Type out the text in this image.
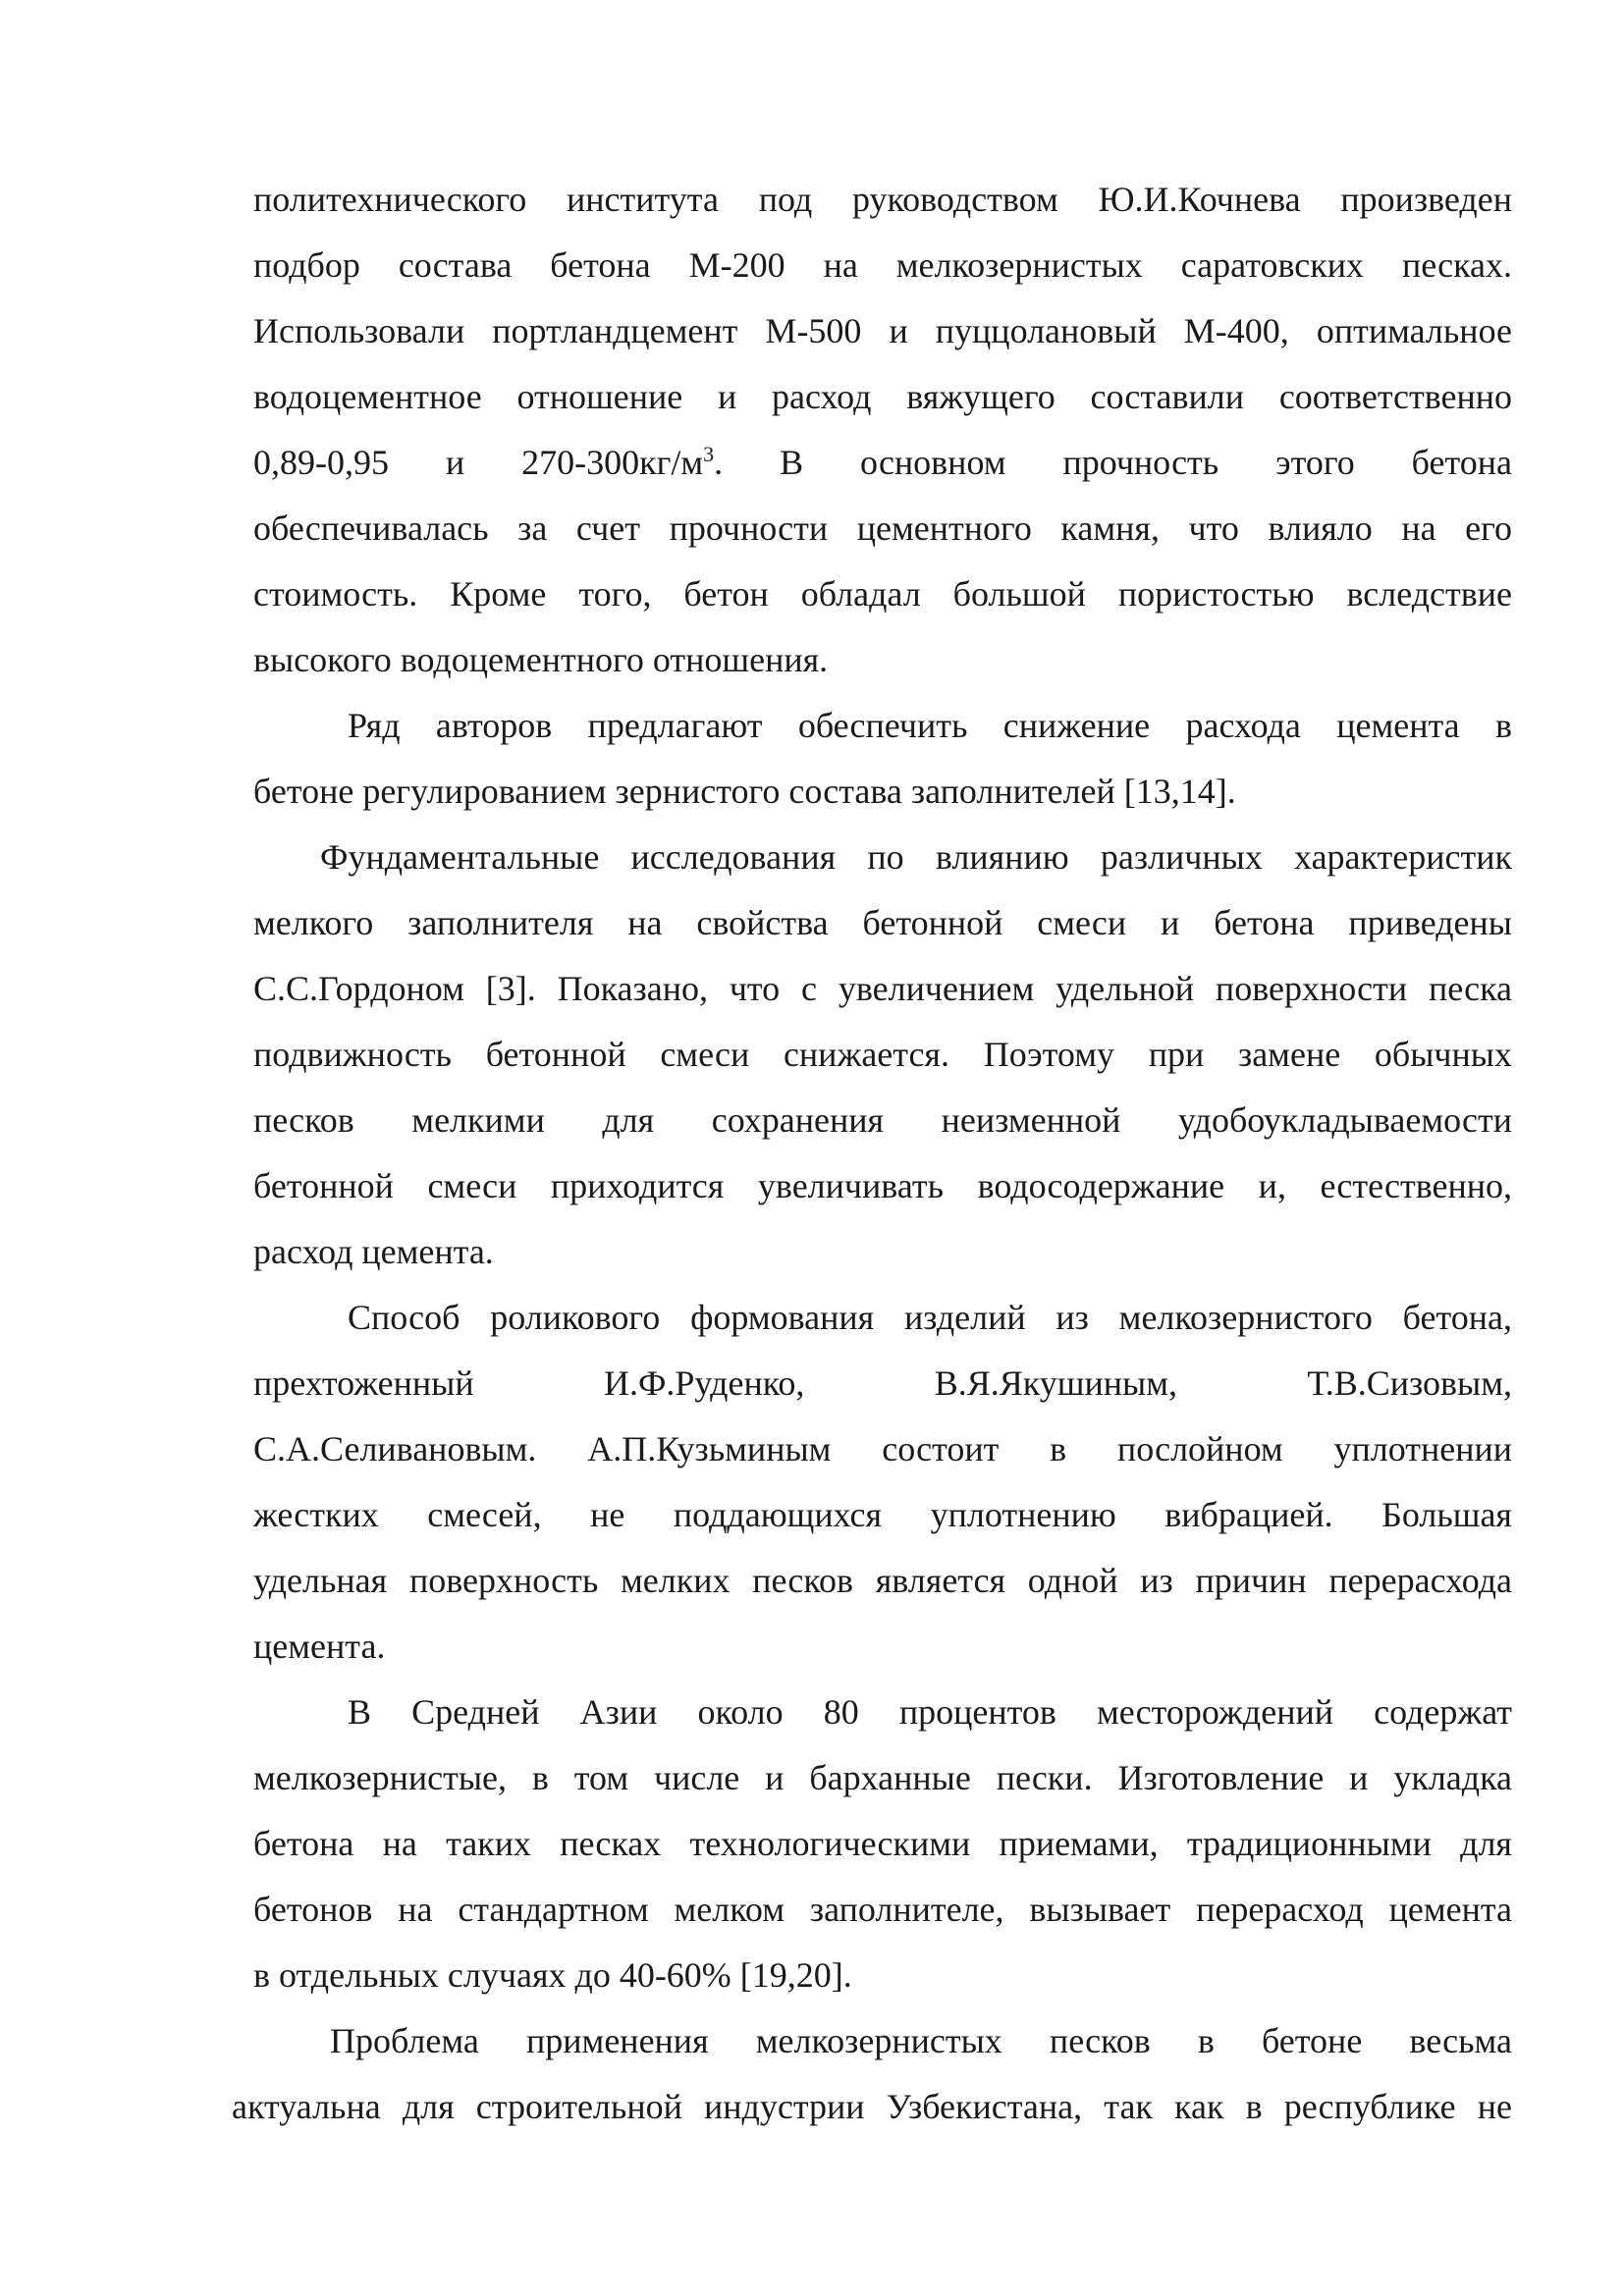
политехнического института под руководством Ю.И.Кочнева произведен
подбор состава бетона М-200 на мелкозернистых саратовских песках.
Использовали портландцемент М-500 и пуццолановый М-400, оптимальное
водоцементное отношение и расход вяжущего составили соответственно
0,89-0,95 и $270-300кг/м^3$. В основном прочность этого бетона
обеспечивалась за счет прочности цементного камня, что влияло на его
стоимость. Кроме того, бетон обладал большой пористостью вследствие
высокого водоцементного отношения.
Ряд авторов предлагают обеспечить снижение расхода цемента в
бетоне регулированием зернистого состава заполнителей [13,14].
Фундаментальные исследования по влиянию различных характеристик
мелкого заполнителя на свойства бетонной смеси и бетона приведены
С.С.Гордоном [3]. Показано, что с увеличением удельной поверхности песка
подвижность бетонной смеси снижается. Поэтому при замене обычных
песков мелкими для сохранения неизменной удобоукладываемости
бетонной смеси приходится увеличивать водосодержание и, естественно,
расход цемента.
Способ роликового формования изделий из мелкозернистого бетона,
прехтоженный И.Ф.Руденко, В.Я.Якушиным, Т.В.Сизовым,
С.А.Селивановым. А.П.Кузьминым состоит в послойном уплотнении
жестких смесей, не поддающихся уплотнению вибрацией. Большая
удельная поверхность мелких песков является одной из причин перерасхода
цемента.
В Средней Азии около 80 процентов месторождений содержат
мелкозернистые, в том числе и барханные пески. Изготовление и укладка
бетона на таких песках технологическими приемами, традиционными для
бетонов на стандартном мелком заполнителе, вызывает перерасход цемента
в отдельных случаях до 40-60% [19,20].
Проблема применения мелкозернистых песков в бетоне весьма
актуальна для строительной индустрии Узбекистана, так как в республике не
